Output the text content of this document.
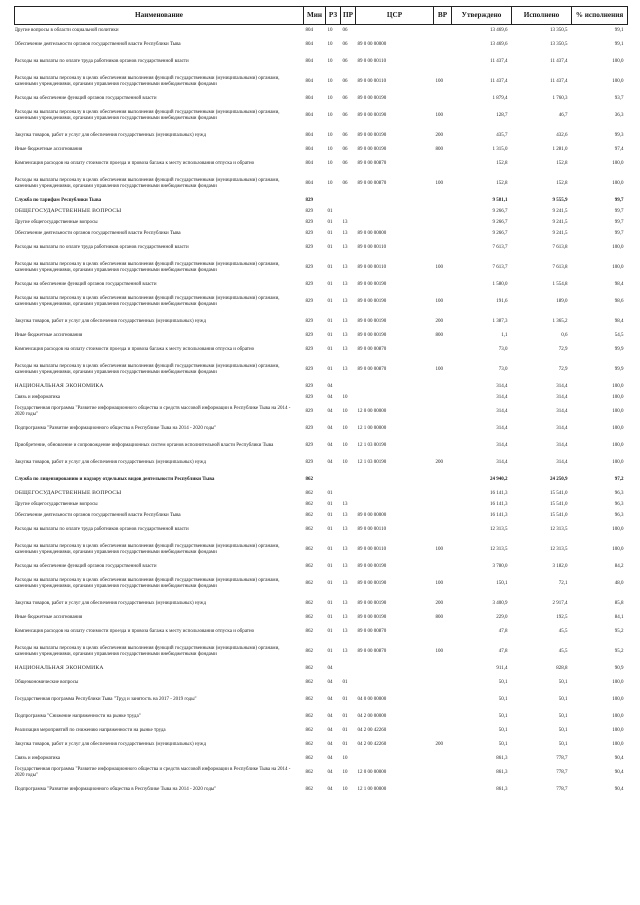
Наименование	Мин	РЗ	ПР	ЦСР	ВР	Утверждено	Исполнено	% исполнения
Другие вопросы в области социальной политики	804	10	06			13 469,6	13 350,5	99,1
Обеспечение деятельности органов государственной власти Республики Тыва	804	10	06	89 0 00 00000		13 469,6	13 350,5	99,1
Расходы на выплаты по оплате труда работников органов государственной власти	804	10	06	89 0 00 00110		11 437,4	11 437,4	100,0
Расходы на выплаты персоналу в целях обеспечения выполнения функций государственными (муниципальными) органами, казенными учреждениями, органами управления государственными внебюджетными фондами	804	10	06	89 0 00 00110	100	11 437,4	11 437,4	100,0
Расходы на обеспечение функций органов государственной власти	804	10	06	89 0 00 00190		1 879,4	1 760,3	93,7
Расходы на выплаты персоналу в целях обеспечения выполнения функций государственными (муниципальными) органами, казенными учреждениями, органами управления государственными внебюджетными фондами	804	10	06	89 0 00 00190	100	128,7	46,7	36,3
Закупка товаров, работ и услуг для обеспечения государственных (муниципальных) нужд	804	10	06	89 0 00 00190	200	435,7	432,6	99,3
Иные бюджетные ассигнования	804	10	06	89 0 00 00190	800	1 315,0	1 281,0	97,4
Компенсация расходов на оплату стоимости проезда и провоза багажа к месту использования отпуска и обратно	804	10	06	89 0 00 00870		152,8	152,8	100,0
Расходы на выплаты персоналу в целях обеспечения выполнения функций государственными (муниципальными) органами, казенными учреждениями, органами управления государственными внебюджетными фондами	804	10	06	89 0 00 00870	100	152,8	152,8	100,0
Служба по тарифам Республики Тыва	829					9 581,1	9 555,9	99,7
ОБЩЕГОСУДАРСТВЕННЫЕ ВОПРОСЫ	829	01				9 266,7	9 241,5	99,7
Другие общегосударственные вопросы	829	01	13			9 266,7	9 241,5	99,7
Обеспечение деятельности органов государственной власти Республики Тыва	829	01	13	89 0 00 00000		9 266,7	9 241,5	99,7
Расходы на выплаты по оплате труда работников органов государственной власти	829	01	13	89 0 00 00110		7 613,7	7 613,8	100,0
Расходы на выплаты персоналу в целях обеспечения выполнения функций государственными (муниципальными) органами, казенными учреждениями, органами управления государственными внебюджетными фондами	829	01	13	89 0 00 00110	100	7 613,7	7 613,8	100,0
Расходы на обеспечение функций органов государственной власти	829	01	13	89 0 00 00190		1 580,0	1 554,8	98,4
Расходы на выплаты персоналу в целях обеспечения выполнения функций государственными (муниципальными) органами, казенными учреждениями, органами управления государственными внебюджетными фондами	829	01	13	89 0 00 00190	100	191,6	189,0	98,6
Закупка товаров, работ и услуг для обеспечения государственных (муниципальных) нужд	829	01	13	89 0 00 00190	200	1 387,3	1 365,2	98,4
Иные бюджетные ассигнования	829	01	13	89 0 00 00190	800	1,1	0,6	54,5
Компенсация расходов на оплату стоимости проезда и провоза багажа к месту использования отпуска и обратно	829	01	13	89 0 00 00870		73,0	72,9	99,9
Расходы на выплаты персоналу в целях обеспечения выполнения функций государственными (муниципальными) органами, казенными учреждениями, органами управления государственными внебюджетными фондами	829	01	13	89 0 00 00870	100	73,0	72,9	99,9
НАЦИОНАЛЬНАЯ ЭКОНОМИКА	829	04				314,4	314,4	100,0
Связь и информатика	829	04	10			314,4	314,4	100,0
Государственная программа "Развитие информационного общества и средств массовой информации в Республике Тыва на 2014 - 2020 годы"	829	04	10	12 0 00 00000		314,4	314,4	100,0
Подпрограмма "Развитие информационного общества в Республике Тыва на 2014 - 2020 годы"	829	04	10	12 1 00 00000		314,4	314,4	100,0
Приобретение, обновление и сопровождение информационных систем органов исполнительной власти Республики Тыва	829	04	10	12 1 03 00190		314,4	314,4	100,0
Закупка товаров, работ и услуг для обеспечения государственных (муниципальных) нужд	829	04	10	12 1 03 00190	200	314,4	314,4	100,0
Служба по лицензированию и надзору отдельных видов деятельности Республики Тыва	862					24 940,2	24 250,9	97,2
ОБЩЕГОСУДАРСТВЕННЫЕ ВОПРОСЫ	862	01				16 141,3	15 541,0	96,3
Другие общегосударственные вопросы	862	01	13			16 141,3	15 541,0	96,3
Обеспечение деятельности органов государственной власти Республики Тыва	862	01	13	89 0 00 00000		16 141,3	15 541,0	96,3
Расходы на выплаты по оплате труда работников органов государственной власти	862	01	13	89 0 00 00110		12 313,5	12 313,5	100,0
Расходы на выплаты персоналу в целях обеспечения выполнения функций государственными (муниципальными) органами, казенными учреждениями, органами управления государственными внебюджетными фондами	862	01	13	89 0 00 00110	100	12 313,5	12 313,5	100,0
Расходы на обеспечение функций органов государственной власти	862	01	13	89 0 00 00190		3 780,0	3 182,0	84,2
Расходы на выплаты персоналу в целях обеспечения выполнения функций государственными (муниципальными) органами, казенными учреждениями, органами управления государственными внебюджетными фондами	862	01	13	89 0 00 00190	100	150,1	72,1	48,0
Закупка товаров, работ и услуг для обеспечения государственных (муниципальных) нужд	862	01	13	89 0 00 00190	200	3 400,9	2 917,4	85,8
Иные бюджетные ассигнования	862	01	13	89 0 00 00190	800	229,0	192,5	84,1
Компенсация расходов на оплату стоимости проезда и провоза багажа к месту использования отпуска и обратно	862	01	13	89 0 00 00870		47,8	45,5	95,2
Расходы на выплаты персоналу в целях обеспечения выполнения функций государственными (муниципальными) органами, казенными учреждениями, органами управления государственными внебюджетными фондами	862	01	13	89 0 00 00870	100	47,8	45,5	95,2
НАЦИОНАЛЬНАЯ ЭКОНОМИКА	862	04				911,4	828,8	90,9
Общеэкономические вопросы	862	04	01			50,1	50,1	100,0
Государственная программа Республики Тыва "Труд и занятость на 2017 - 2019 годы"	862	04	01	04 0 00 00000		50,1	50,1	100,0
Подпрограмма "Снижение напряженности на рынке труда"	862	04	01	04 2 00 00000		50,1	50,1	100,0
Реализация мероприятий по снижению напряженности на рынке труда	862	04	01	04 2 00 42260		50,1	50,1	100,0
Закупка товаров, работ и услуг для обеспечения государственных (муниципальных) нужд	862	04	01	04 2 00 42260	200	50,1	50,1	100,0
Связь и информатика	862	04	10			861,3	778,7	90,4
Государственная программа "Развитие информационного общества и средств массовой информации в Республике Тыва на 2014 - 2020 годы"	862	04	10	12 0 00 00000		861,3	778,7	90,4
Подпрограмма "Развитие информационного общества в Республике Тыва на 2014 - 2020 годы"	862	04	10	12 1 00 00000		861,3	778,7	90,4
